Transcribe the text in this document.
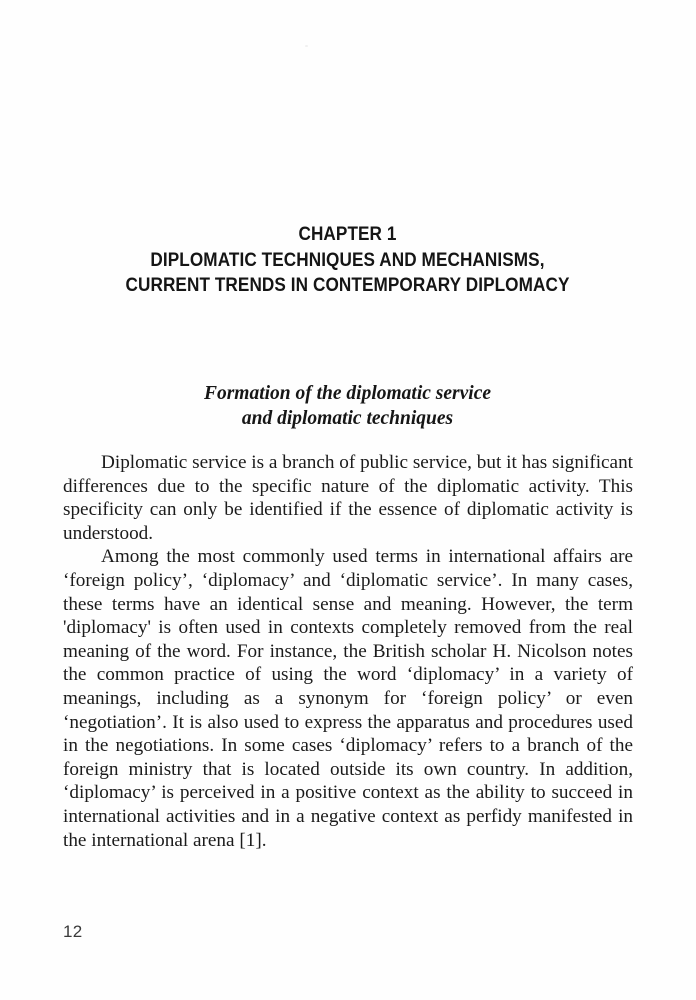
CHAPTER 1
DIPLOMATIC TECHNIQUES AND MECHANISMS,
CURRENT TRENDS IN CONTEMPORARY DIPLOMACY
Formation of the diplomatic service
and diplomatic techniques

Diplomatic service is a branch of public service, but it has significant differences due to the specific nature of the diplomatic activity. This specificity can only be identified if the essence of diplomatic activity is understood.

Among the most commonly used terms in international affairs are ‘foreign policy’, ‘diplomacy’ and ‘diplomatic service’. In many cases, these terms have an identical sense and meaning. However, the term 'diplomacy' is often used in contexts completely removed from the real meaning of the word. For instance, the British scholar H. Nicolson notes the common practice of using the word ‘diplomacy’ in a variety of meanings, including as a synonym for ‘foreign policy’ or even ‘negotiation’. It is also used to express the apparatus and procedures used in the negotiations. In some cases ‘diplomacy’ refers to a branch of the foreign ministry that is located outside its own country. In addition, ‘diplomacy’ is perceived in a positive context as the ability to succeed in international activities and in a negative context as perfidy manifested in the international arena [1].

12
